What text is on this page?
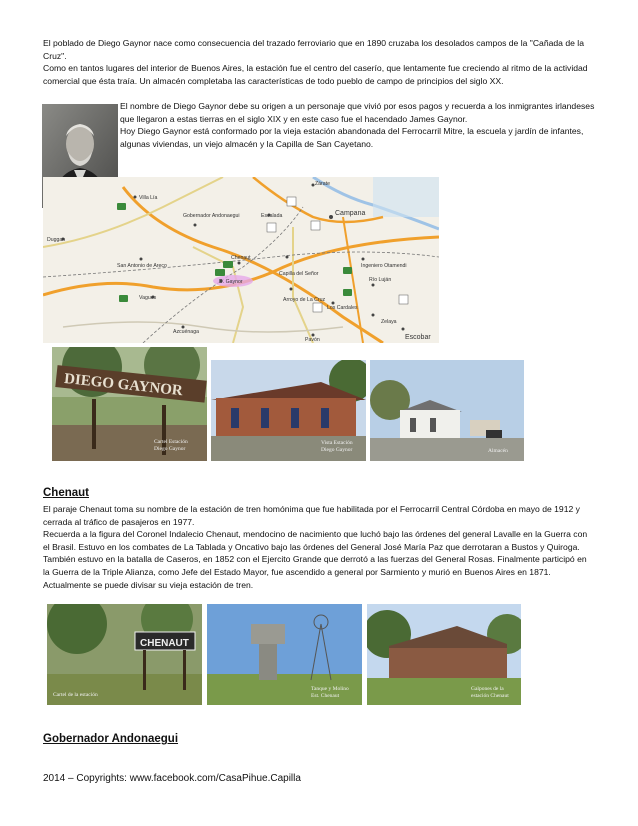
El poblado de Diego Gaynor nace como consecuencia del trazado ferroviario que en 1890 cruzaba los desolados campos de la "Cañada de la Cruz".
Como en tantos lugares del interior de Buenos Aires, la estación fue el centro del caserío, que lentamente fue creciendo al ritmo de la actividad comercial que ésta traía. Un almacén completaba las características de todo pueblo de campo de principios del siglo XX.
El nombre de Diego Gaynor debe su origen a un personaje que vivió por esos pagos y recuerda a los inmigrantes irlandeses que llegaron a estas tierras en el siglo XIX y en este caso fue el hacendado James Gaynor.
Hoy Diego Gaynor está conformado por la vieja estación abandonada del Ferrocarril Mitre, la escuela y jardín de infantes, algunas viviendas, un viejo almacén y la Capilla de San Cayetano.
Villa Lía
Gobernador Andonaegui	Escalada
Zárate
Campana
Duggan
San Antonio de Areco
Chenaut
D. Gaynor
Capilla del Señor
Ingeniero Otamendi
Río Luján
Vagues	Arroyo de La Cruz
Los Cardales
Zelaya
Escobar
Azcuénaga
Pavón
DIEGO GAYNOR
Cartel Estación
Diego Gaynor
Vista Estación
Diego Gaynor	Almacén
Chenaut
El paraje Chenaut toma su nombre de la estación de tren homónima que fue habilitada por el Ferrocarril Central Córdoba en mayo de 1912 y cerrada al tráfico de pasajeros en 1977.
Recuerda a la figura del Coronel Indalecio Chenaut, mendocino de nacimiento que luchó bajo las órdenes del general Lavalle en la Guerra con el Brasil. Estuvo en los combates de La Tablada y Oncativo bajo las órdenes del General José María Paz que derrotaran a Bustos y Quiroga. También estuvo en la batalla de Caseros, en 1852 con el Ejercito Grande que derrotó a las fuerzas del General Rosas. Finalmente participó en la Guerra de la Triple Alianza, como Jefe del Estado Mayor, fue ascendido a general por Sarmiento y murió en Buenos Aires en 1871.
Actualmente se puede divisar su vieja estación de tren.
CHENAUT
Cartel de la estación
Tanque y Molino
Est. Chenaut
Galpones de la
estación Chenaut
Gobernador Andonaegui
2014 – Copyrights: www.facebook.com/CasaPihue.Capilla
